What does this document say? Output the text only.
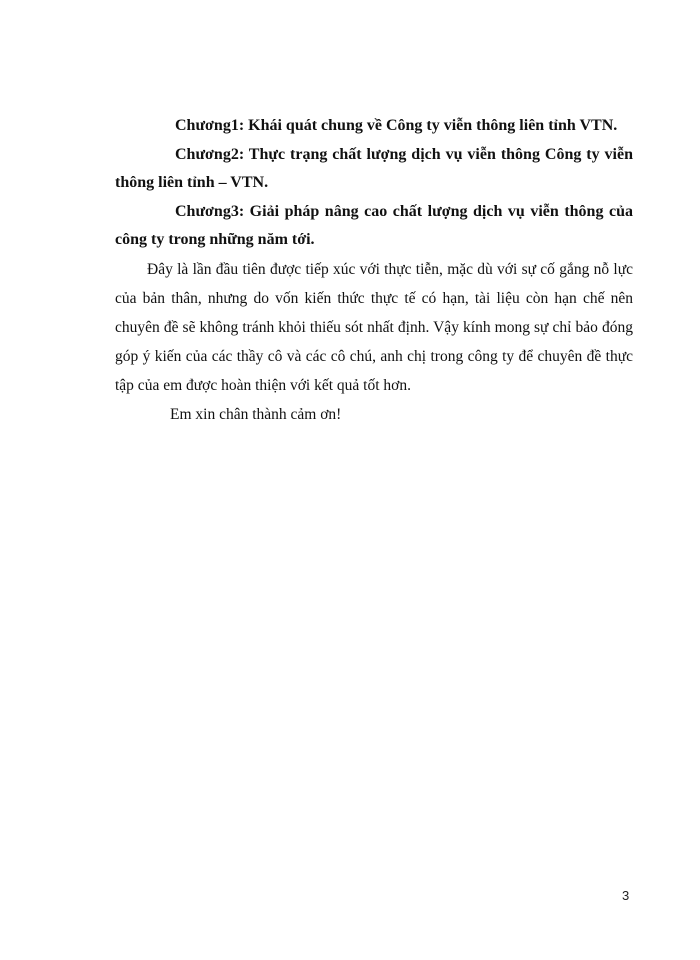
Chương1: Khái quát chung về Công ty viễn thông liên tỉnh VTN.

Chương2: Thực trạng chất lượng dịch vụ viễn thông Công ty viễn thông liên tỉnh – VTN.

Chương3: Giải pháp nâng cao chất lượng dịch vụ viễn thông của công ty trong những năm tới.

Đây là lần đầu tiên được tiếp xúc với thực tiễn, mặc dù với sự cố gắng nỗ lực của bản thân, nhưng do vốn kiến thức thực tế có hạn, tài liệu còn hạn chế nên chuyên đề sẽ không tránh khỏi thiếu sót nhất định. Vậy kính mong sự chỉ bảo đóng góp ý kiến của các thầy cô và các cô chú, anh chị trong công ty để chuyên đề thực tập của em được hoàn thiện với kết quả tốt hơn.

Em xin chân thành cảm ơn!

3
